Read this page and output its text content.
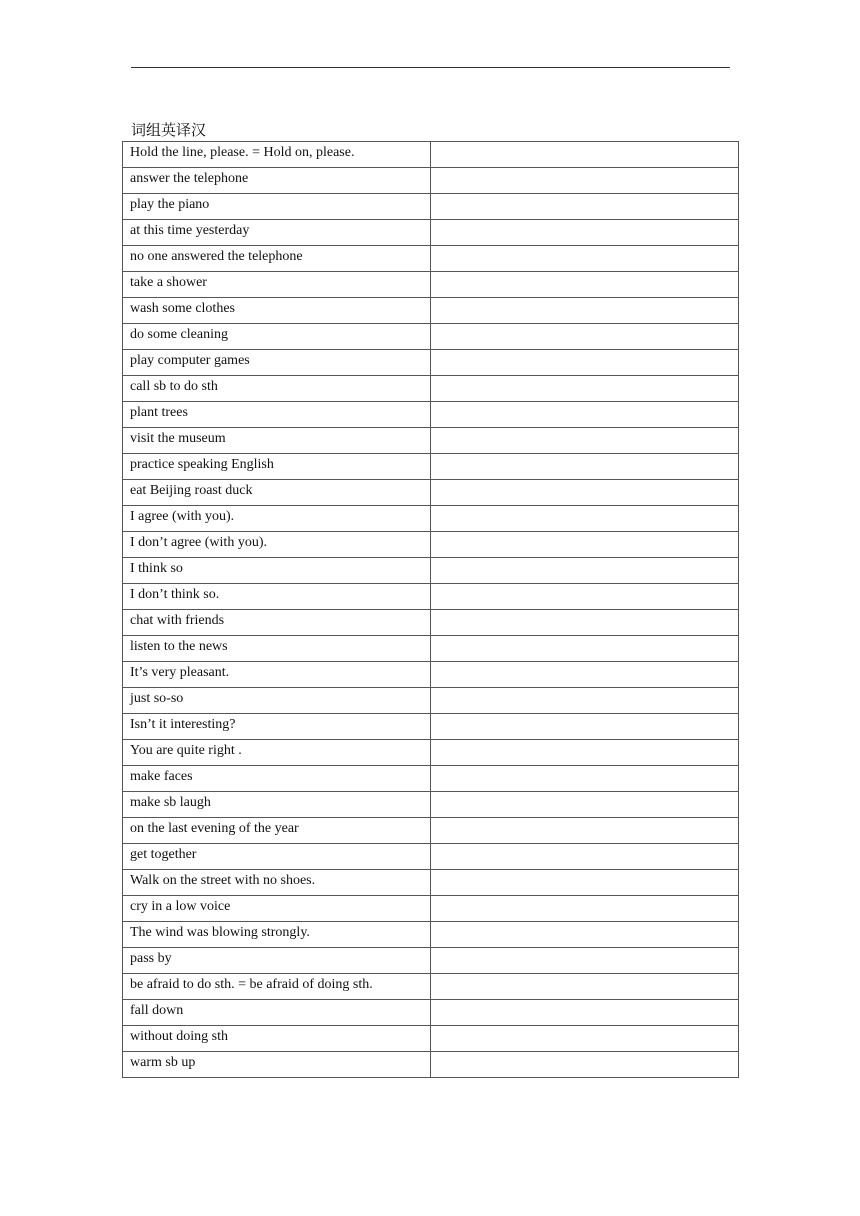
词组英译汉
Hold the line, please. = Hold on, please.	
answer the telephone	
play the piano	
at this time yesterday	
no one answered the telephone	
take a shower	
wash some clothes	
do some cleaning	
play computer games	
call sb to do sth	
plant trees	
visit the museum	
practice speaking English	
eat Beijing roast duck	
I agree (with you).	
I don’t agree (with you).	
I think so	
I don’t think so.	
chat with friends	
listen to the news	
It’s very pleasant.	
just so-so	
Isn’t it interesting?	
You are quite right .	
make faces	
make sb laugh	
on the last evening of the year	
get together	
Walk on the street with no shoes.	
cry in a low voice	
The wind was blowing strongly.	
pass by	
be afraid to do sth. = be afraid of doing sth.	
fall down	
without doing sth	
warm sb up	
